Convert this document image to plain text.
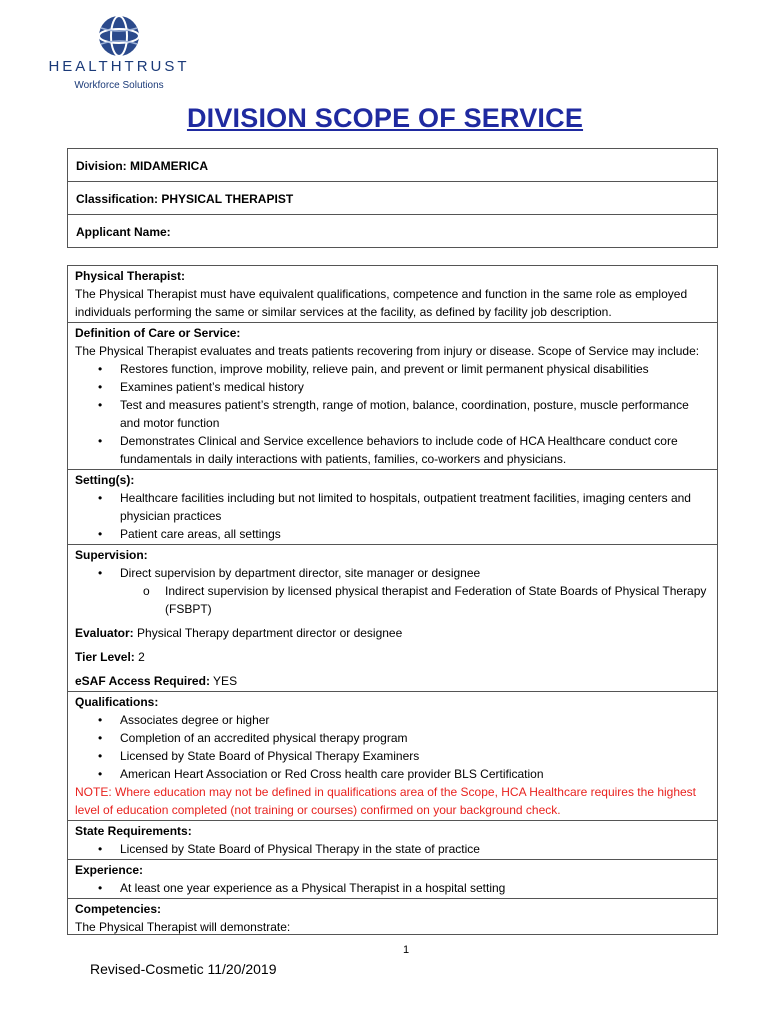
HEALTHTRUST
Workforce Solutions
DIVISION SCOPE OF SERVICE
Division: MIDAMERICA
Classification: PHYSICAL THERAPIST
Applicant Name:
Physical Therapist:
The Physical Therapist must have equivalent qualifications, competence and function in the same role as employed individuals performing the same or similar services at the facility, as defined by facility job description.
Definition of Care or Service:
The Physical Therapist evaluates and treats patients recovering from injury or disease. Scope of Service may include:
• Restores function, improve mobility, relieve pain, and prevent or limit permanent physical disabilities
• Examines patient’s medical history
• Test and measures patient’s strength, range of motion, balance, coordination, posture, muscle performance and motor function
• Demonstrates Clinical and Service excellence behaviors to include code of HCA Healthcare conduct core fundamentals in daily interactions with patients, families, co-workers and physicians.
Setting(s):
• Healthcare facilities including but not limited to hospitals, outpatient treatment facilities, imaging centers and physician practices
• Patient care areas, all settings
Supervision:
• Direct supervision by department director, site manager or designee
o Indirect supervision by licensed physical therapist and Federation of State Boards of Physical Therapy (FSBPT)
Evaluator: Physical Therapy department director or designee
Tier Level: 2
eSAF Access Required: YES
Qualifications:
• Associates degree or higher
• Completion of an accredited physical therapy program
• Licensed by State Board of Physical Therapy Examiners
• American Heart Association or Red Cross health care provider BLS Certification
NOTE: Where education may not be defined in qualifications area of the Scope, HCA Healthcare requires the highest level of education completed (not training or courses) confirmed on your background check.
State Requirements:
• Licensed by State Board of Physical Therapy in the state of practice
Experience:
• At least one year experience as a Physical Therapist in a hospital setting
Competencies:
The Physical Therapist will demonstrate:
1
Revised-Cosmetic 11/20/2019
